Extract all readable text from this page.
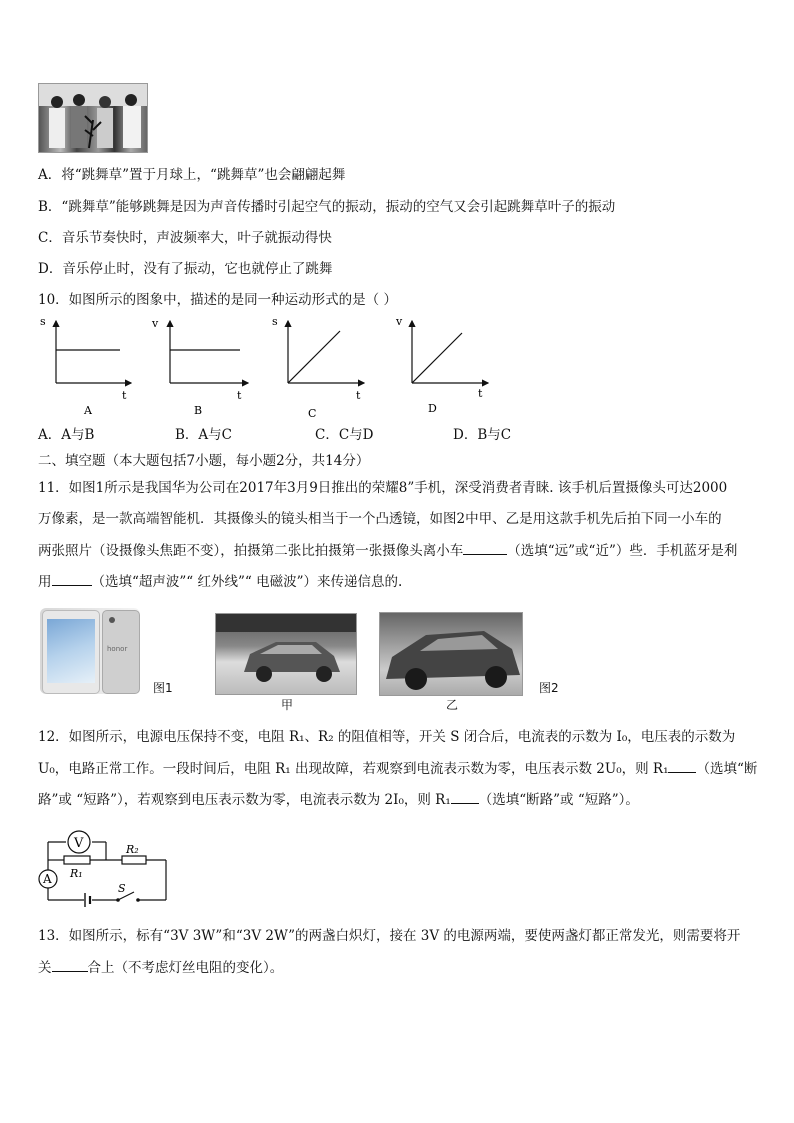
A．将“跳舞草”置于月球上，“跳舞草”也会翩翩起舞
B．“跳舞草”能够跳舞是因为声音传播时引起空气的振动，振动的空气又会引起跳舞草叶子的振动
C．音乐节奏快时，声波频率大，叶子就振动得快
D．音乐停止时，没有了振动，它也就停止了跳舞
10．如图所示的图象中，描述的是同一种运动形式的是（ ）
s
t
A
v
t
B
s
t
C
v
t
D
A．A与B	B．A与C	C．C与D	D．B与C
二、填空题（本大题包括7小题，每小题2分，共14分）
11．如图1所示是我国华为公司在2017年3月9日推出的荣耀8”手机，深受消费者青睐. 该手机后置摄像头可达2000
万像素，是一款高端智能机．其摄像头的镜头相当于一个凸透镜，如图2中甲、乙是用这款手机先后拍下同一小车的
两张照片（设摄像头焦距不变），拍摄第二张比拍摄第一张摄像头离小车	（选填“远”或“近”）些．手机蓝牙是利
用	（选填“超声波”“ 红外线”“ 电磁波”）来传递信息的.
honor
图1
甲	乙
图2
12．如图所示，电源电压保持不变，电阻 R₁、R₂ 的阻值相等，开关 S 闭合后，电流表的示数为 I₀，电压表的示数为
U₀，电路正常工作。一段时间后，电阻 R₁ 出现故障，若观察到电流表示数为零，电压表示数 2U₀，则 R₁ （选填“断
路”或 “短路”），若观察到电压表示数为零，电流表示数为 2I₀，则 R₁ （选填“断路”或 “短路”）。
V
A R₁
R₂
S
13．如图所示，标有“3V 3W”和“3V 2W”的两盏白炽灯，接在 3V 的电源两端，要使两盏灯都正常发光，则需要将开
关	合上（不考虑灯丝电阻的变化）。
